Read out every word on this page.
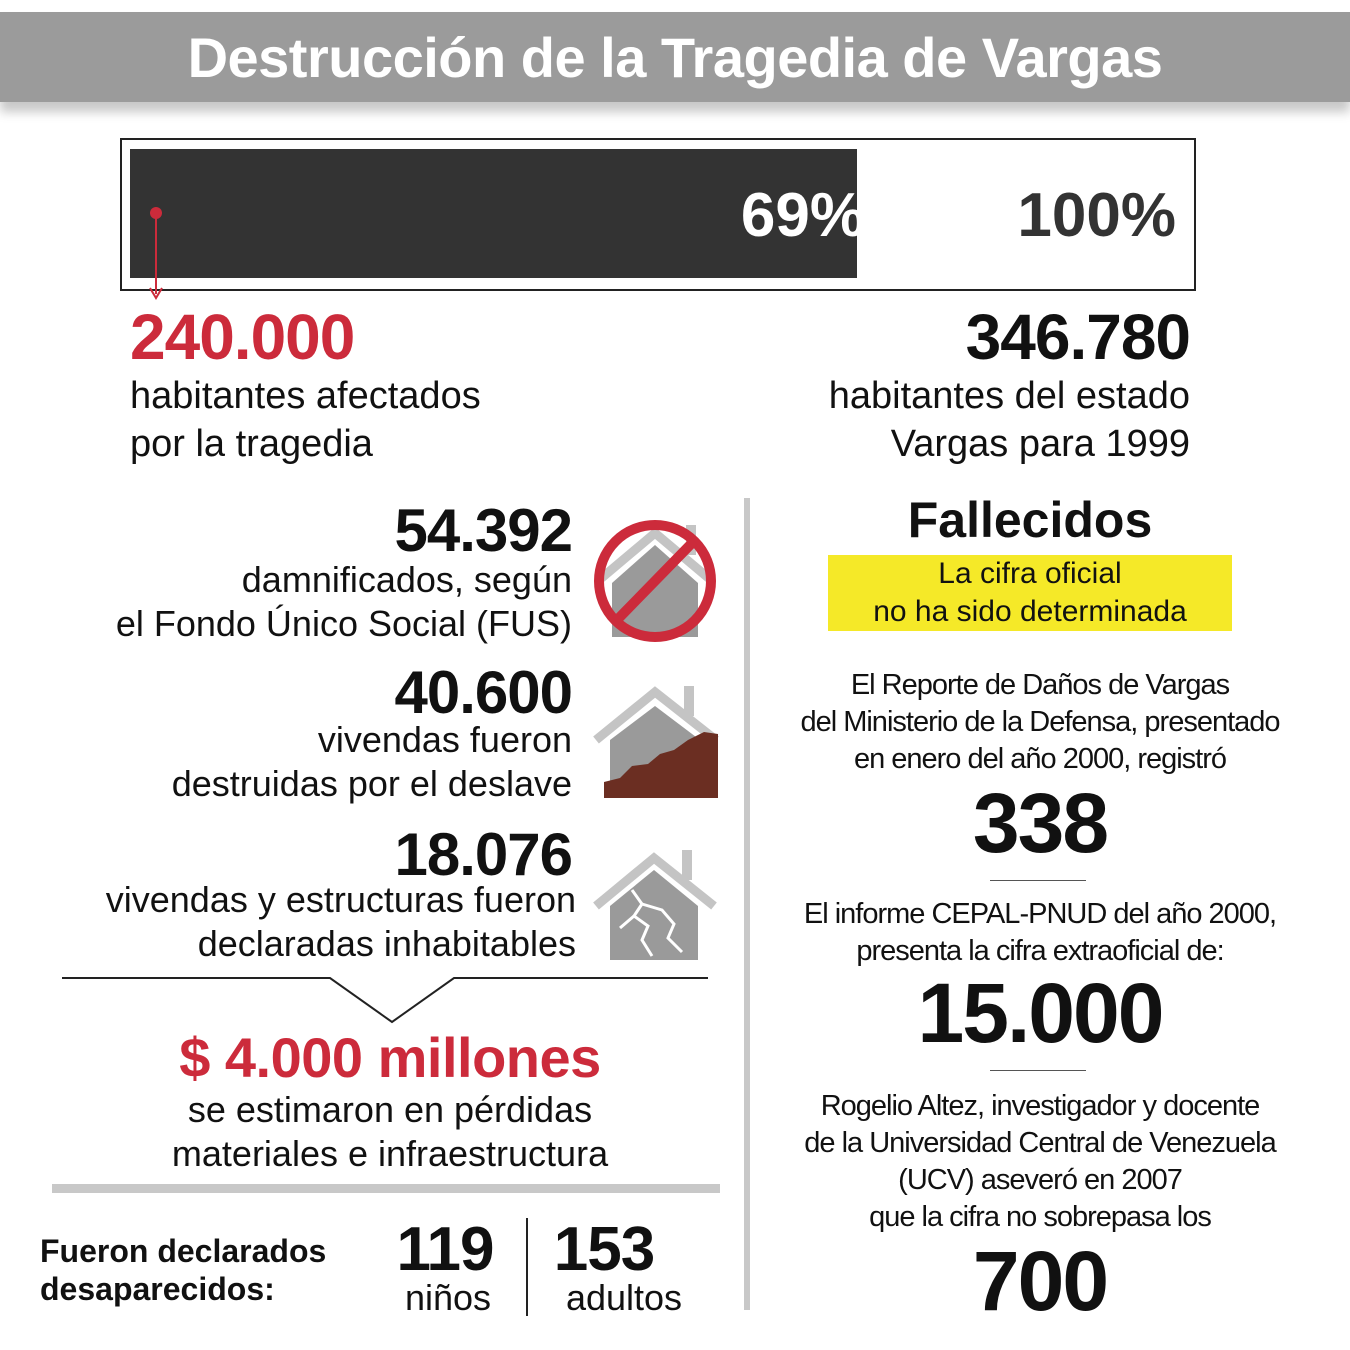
Destrucción de la Tragedia de Vargas
69%	100%
240.000
habitantes afectados
por la tragedia
346.780
habitantes del estado
Vargas para 1999
54.392
damnificados, según
el Fondo Único Social (FUS)
40.600
vivendas fueron
destruidas por el deslave
18.076
vivendas y estructuras fueron
declaradas inhabitables
$ 4.000 millones
se estimaron en pérdidas
materiales e infraestructura
Fueron declarados
desaparecidos:
119
niños
153
adultos
Fallecidos
La cifra oficial
no ha sido determinada
El Reporte de Daños de Vargas
del Ministerio de la Defensa, presentado
en enero del año 2000, registró
338
El informe CEPAL-PNUD del año 2000,
presenta la cifra extraoficial de:
15.000
Rogelio Altez, investigador y docente
de la Universidad Central de Venezuela
(UCV) aseveró en 2007
que la cifra no sobrepasa los
700
